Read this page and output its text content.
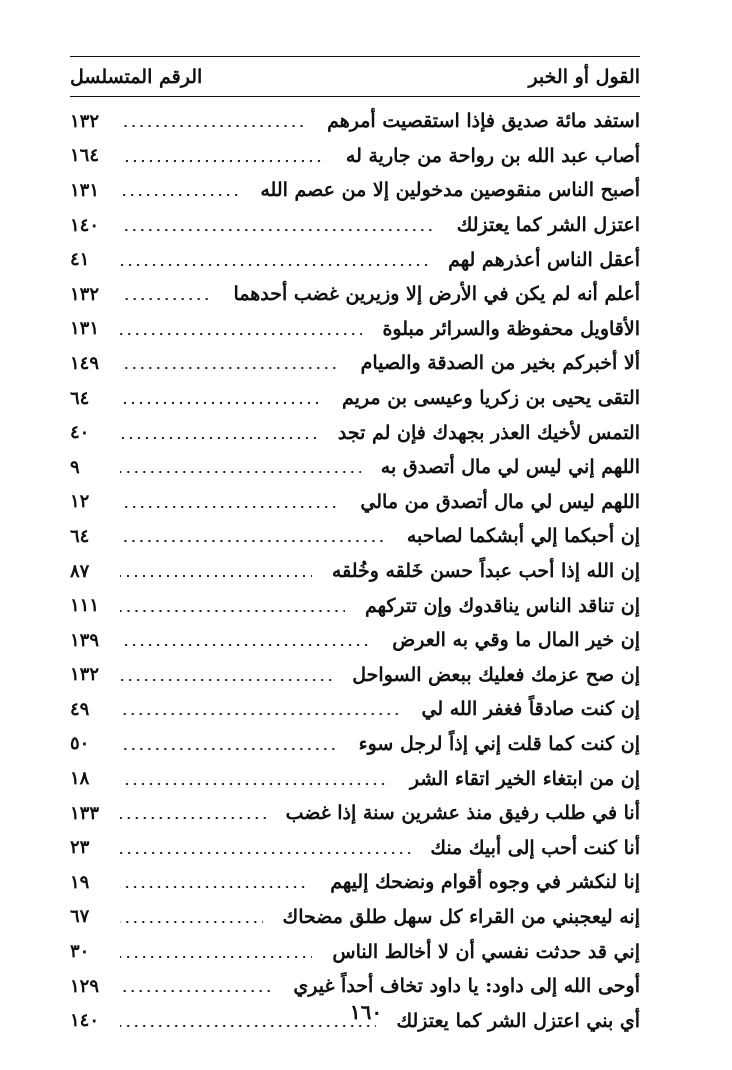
القول أو الخبر
الرقم المتسلسل
استفد مائة صديق فإذا استقصيت أمرهم
١٣٢
أصاب عبد الله بن رواحة من جارية له
١٦٤
أصبح الناس منقوصين مدخولين إلا من عصم الله
١٣١
اعتزل الشر كما يعتزلك
١٤٠
أعقل الناس أعذرهم لهم
٤١
أعلم أنه لم يكن في الأرض إلا وزيرين غضب أحدهما
١٣٢
الأقاويل محفوظة والسرائر مبلوة
١٣١
ألا أخبركم بخير من الصدقة والصيام
١٤٩
التقى يحيى بن زكريا وعيسى بن مريم
٦٤
التمس لأخيك العذر بجهدك فإن لم تجد
٤٠
اللهم إني ليس لي مال أتصدق به
٩
اللهم ليس لي مال أتصدق من مالي
١٢
إن أحبكما إلي أبشكما لصاحبه
٦٤
إن الله إذا أحب عبداً حسن خَلقه وخُلقه
٨٧
إن تناقد الناس يناقدوك وإن تتركهم
١١١
إن خير المال ما وقي به العرض
١٣٩
إن صح عزمك فعليك ببعض السواحل
١٣٢
إن كنت صادقاً فغفر الله لي
٤٩
إن كنت كما قلت إني إذاً لرجل سوء
٥٠
إن من ابتغاء الخير اتقاء الشر
١٨
أنا في طلب رفيق منذ عشرين سنة إذا غضب
١٣٣
أنا كنت أحب إلى أبيك منك
٢٣
إنا لنكشر في وجوه أقوام ونضحك إليهم
١٩
إنه ليعجبني من القراء كل سهل طلق مضحاك
٦٧
إني قد حدثت نفسي أن لا أخالط الناس
٣٠
أوحى الله إلى داود: يا داود تخاف أحداً غيري
١٢٩
أي بني اعتزل الشر كما يعتزلك
١٤٠	١٦٠
